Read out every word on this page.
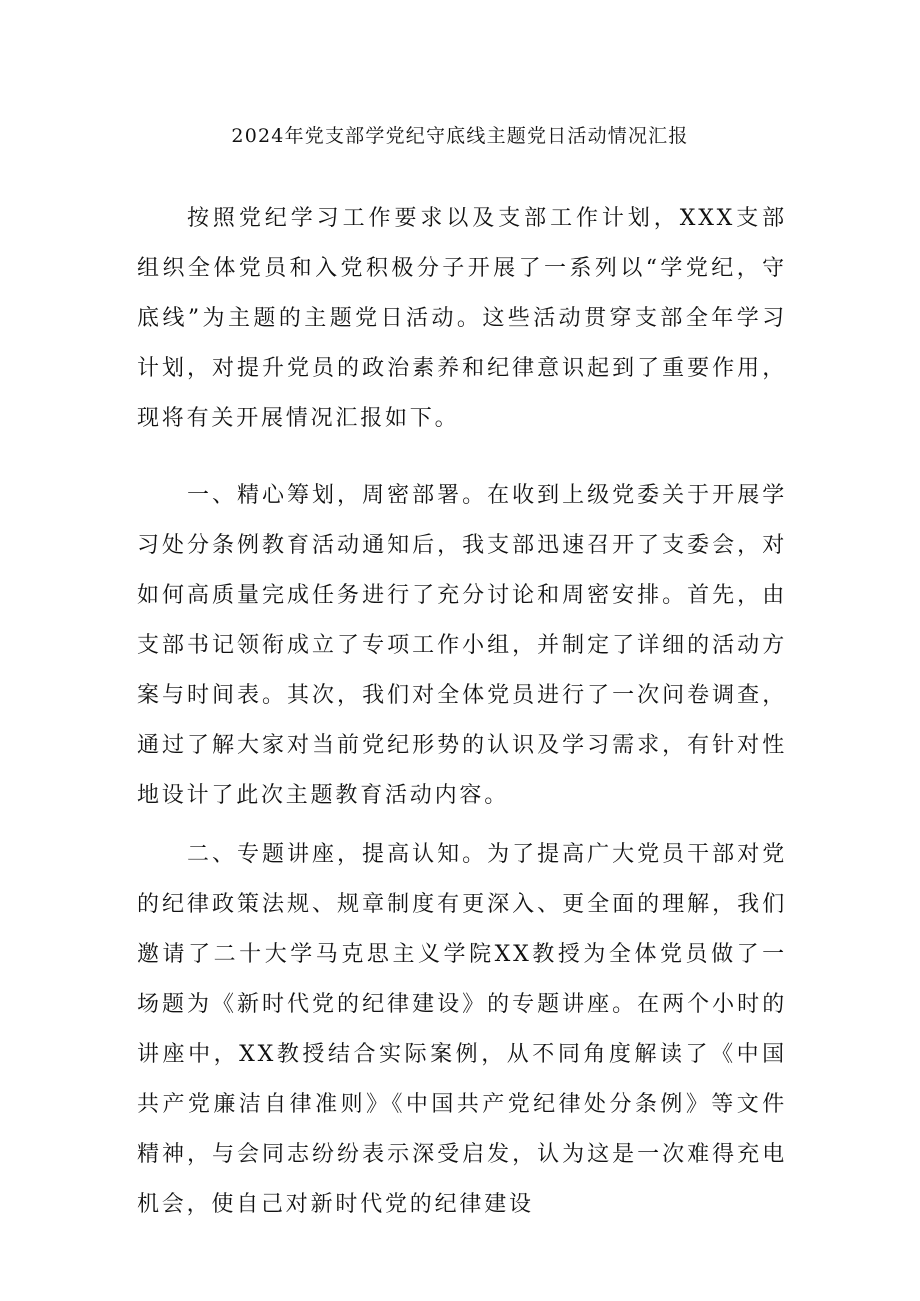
2024年党支部学党纪守底线主题党日活动情况汇报

按照党纪学习工作要求以及支部工作计划，XXX支部组织全体党员和入党积极分子开展了一系列以“学党纪，守底线”为主题的主题党日活动。这些活动贯穿支部全年学习计划，对提升党员的政治素养和纪律意识起到了重要作用，现将有关开展情况汇报如下。

一、精心筹划，周密部署。在收到上级党委关于开展学习处分条例教育活动通知后，我支部迅速召开了支委会，对如何高质量完成任务进行了充分讨论和周密安排。首先，由支部书记领衔成立了专项工作小组，并制定了详细的活动方案与时间表。其次，我们对全体党员进行了一次问卷调查，通过了解大家对当前党纪形势的认识及学习需求，有针对性地设计了此次主题教育活动内容。

二、专题讲座，提高认知。为了提高广大党员干部对党的纪律政策法规、规章制度有更深入、更全面的理解，我们邀请了二十大学马克思主义学院XX教授为全体党员做了一场题为《新时代党的纪律建设》的专题讲座。在两个小时的讲座中，XX教授结合实际案例，从不同角度解读了《中国共产党廉洁自律准则》《中国共产党纪律处分条例》等文件精神，与会同志纷纷表示深受启发，认为这是一次难得充电机会，使自己对新时代党的纪律建设
